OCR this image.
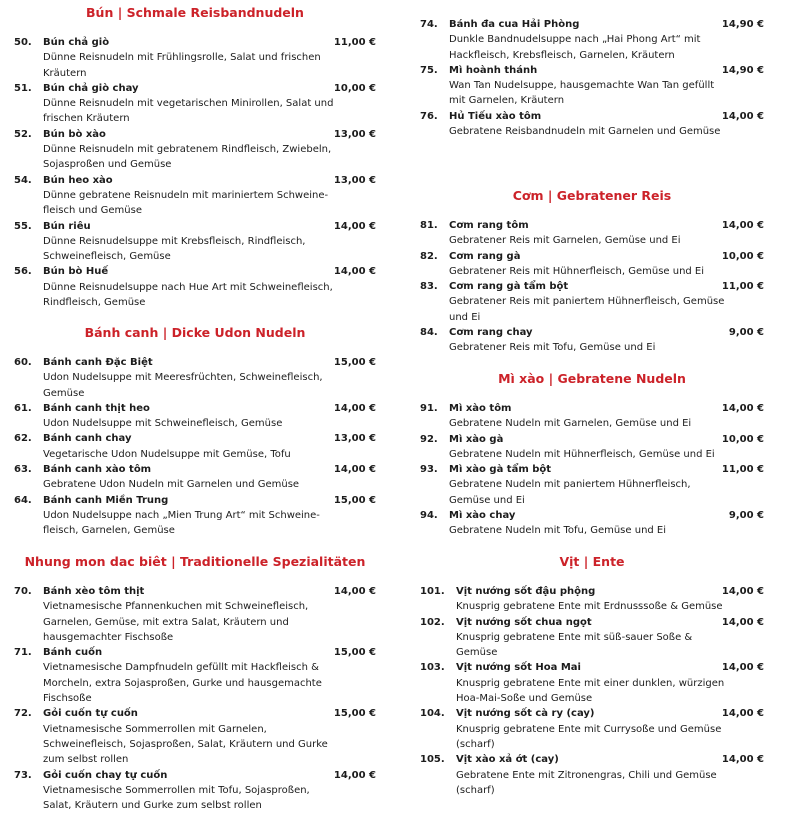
Bún | Schmale Reisbandnudeln
50. Bún chả giò	11,00 €
Dünne Reisnudeln mit Frühlingsrolle, Salat und frischen Kräutern
51. Bún chả giò chay	10,00 €
Dünne Reisnudeln mit vegetarischen Minirollen, Salat und frischen Kräutern
52. Bún bò xào	13,00 €
Dünne Reisnudeln mit gebratenem Rindfleisch, Zwiebeln, Sojasproßen und Gemüse
54. Bún heo xào	13,00 €
Dünne gebratene Reisnudeln mit mariniertem Schweine-fleisch und Gemüse
55. Bún riêu	14,00 €
Dünne Reisnudelsuppe mit Krebsfleisch, Rindfleisch, Schweinefleisch, Gemüse
56. Bún bò Huế	14,00 €
Dünne Reisnudelsuppe nach Hue Art mit Schweinefleisch, Rindfleisch, Gemüse
Bánh canh | Dicke Udon Nudeln
60. Bánh canh Đặc Biệt	15,00 €
Udon Nudelsuppe mit Meeresfrüchten, Schweinefleisch, Gemüse
61. Bánh canh thịt heo	14,00 €
Udon Nudelsuppe mit Schweinefleisch, Gemüse
62. Bánh canh chay	13,00 €
Vegetarische Udon Nudelsuppe mit Gemüse, Tofu
63. Bánh canh xào tôm	14,00 €
Gebratene Udon Nudeln mit Garnelen und Gemüse
64. Bánh canh Miền Trung	15,00 €
Udon Nudelsuppe nach „Mien Trung Art“ mit Schweine-fleisch, Garnelen, Gemüse
Nhung mon dac biêt | Traditionelle Spezialitäten
70. Bánh xèo tôm thịt	14,00 €
Vietnamesische Pfannenkuchen mit Schweinefleisch, Garnelen, Gemüse, mit extra Salat, Kräutern und hausgemachter Fischsoße
71. Bánh cuốn	15,00 €
Vietnamesische Dampfnudeln gefüllt mit Hackfleisch & Morcheln, extra Sojasproßen, Gurke und hausgemachte Fischsoße
72. Gỏi cuốn tự cuốn	15,00 €
Vietnamesische Sommerrollen mit Garnelen, Schweinefleisch, Sojasproßen, Salat, Kräutern und Gurke zum selbst rollen
73. Gỏi cuốn chay tự cuốn	14,00 €
Vietnamesische Sommerrollen mit Tofu, Sojasproßen, Salat, Kräutern und Gurke zum selbst rollen
74. Bánh đa cua Hải Phòng	14,90 €
Dunkle Bandnudelsuppe nach „Hai Phong Art“ mit Hackfleisch, Krebsfleisch, Garnelen, Kräutern
75. Mì hoành thánh	14,90 €
Wan Tan Nudelsuppe, hausgemachte Wan Tan gefüllt mit Garnelen, Kräutern
76. Hủ Tiếu xào tôm	14,00 €
Gebratene Reisbandnudeln mit Garnelen und Gemüse
Cơm | Gebratener Reis
81. Cơm rang tôm	14,00 €
Gebratener Reis mit Garnelen, Gemüse und Ei
82. Cơm rang gà	10,00 €
Gebratener Reis mit Hühnerfleisch, Gemüse und Ei
83. Cơm rang gà tẩm bột	11,00 €
Gebratener Reis mit paniertem Hühnerfleisch, Gemüse und Ei
84. Cơm rang chay	9,00 €
Gebratener Reis mit Tofu, Gemüse und Ei
Mì xào | Gebratene Nudeln
91. Mì xào tôm	14,00 €
Gebratene Nudeln mit Garnelen, Gemüse und Ei
92. Mì xào gà	10,00 €
Gebratene Nudeln mit Hühnerfleisch, Gemüse und Ei
93. Mì xào gà tẩm bột	11,00 €
Gebratene Nudeln mit paniertem Hühnerfleisch, Gemüse und Ei
94. Mì xào chay	9,00 €
Gebratene Nudeln mit Tofu, Gemüse und Ei
Vịt | Ente
101. Vịt nướng sốt đậu phộng	14,00 €
Knusprig gebratene Ente mit Erdnusssoße & Gemüse
102. Vịt nướng sốt chua ngọt	14,00 €
Knusprig gebratene Ente mit süß-sauer Soße & Gemüse
103. Vịt nướng sốt Hoa Mai	14,00 €
Knusprig gebratene Ente mit einer dunklen, würzigen Hoa-Mai-Soße und Gemüse
104. Vịt nướng sốt cà ry (cay)	14,00 €
Knusprig gebratene Ente mit Currysoße und Gemüse (scharf)
105. Vịt xào xả ớt (cay)	14,00 €
Gebratene Ente mit Zitronengras, Chili und Gemüse (scharf)
